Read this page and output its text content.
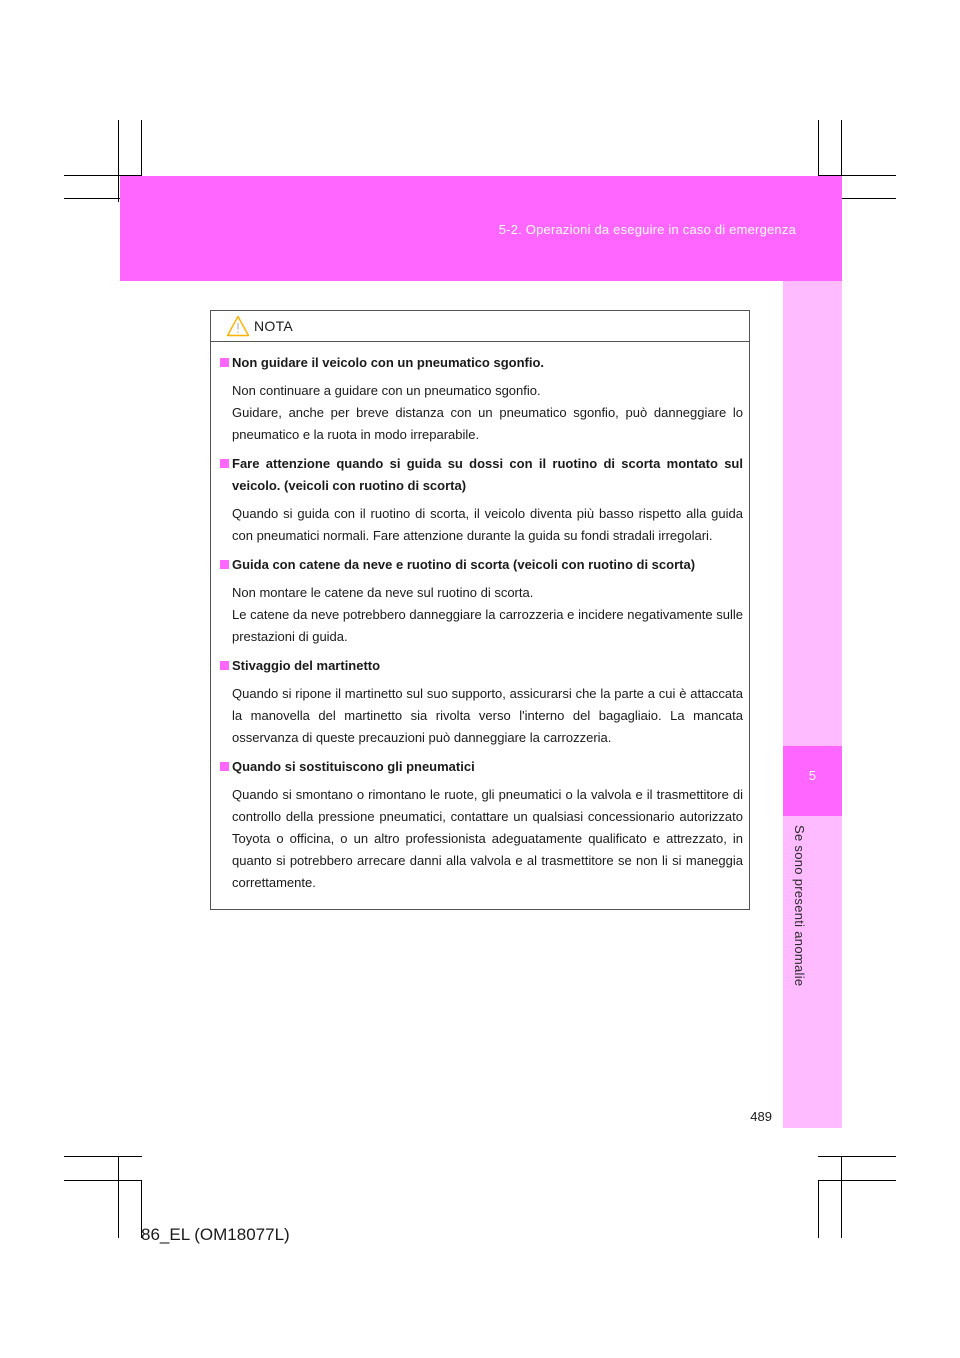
5-2. Operazioni da eseguire in caso di emergenza
5
Se sono presenti anomalie
NOTA
Non guidare il veicolo con un pneumatico sgonfio.

Non continuare a guidare con un pneumatico sgonfio.

Guidare, anche per breve distanza con un pneumatico sgonfio, può danneggiare lo pneumatico e la ruota in modo irreparabile.

Fare attenzione quando si guida su dossi con il ruotino di scorta montato sul veicolo. (veicoli con ruotino di scorta)

Quando si guida con il ruotino di scorta, il veicolo diventa più basso rispetto alla guida con pneumatici normali. Fare attenzione durante la guida su fondi stradali irregolari.

Guida con catene da neve e ruotino di scorta (veicoli con ruotino di scorta)

Non montare le catene da neve sul ruotino di scorta.

Le catene da neve potrebbero danneggiare la carrozzeria e incidere negativamente sulle prestazioni di guida.

Stivaggio del martinetto

Quando si ripone il martinetto sul suo supporto, assicurarsi che la parte a cui è attaccata la manovella del martinetto sia rivolta verso l'interno del bagagliaio. La mancata osservanza di queste precauzioni può danneggiare la carrozzeria.

Quando si sostituiscono gli pneumatici

Quando si smontano o rimontano le ruote, gli pneumatici o la valvola e il trasmettitore di controllo della pressione pneumatici, contattare un qualsiasi concessionario autorizzato Toyota o officina, o un altro professionista adeguatamente qualificato e attrezzato, in quanto si potrebbero arrecare danni alla valvola e al trasmettitore se non li si maneggia correttamente.

489
86_EL (OM18077L)
